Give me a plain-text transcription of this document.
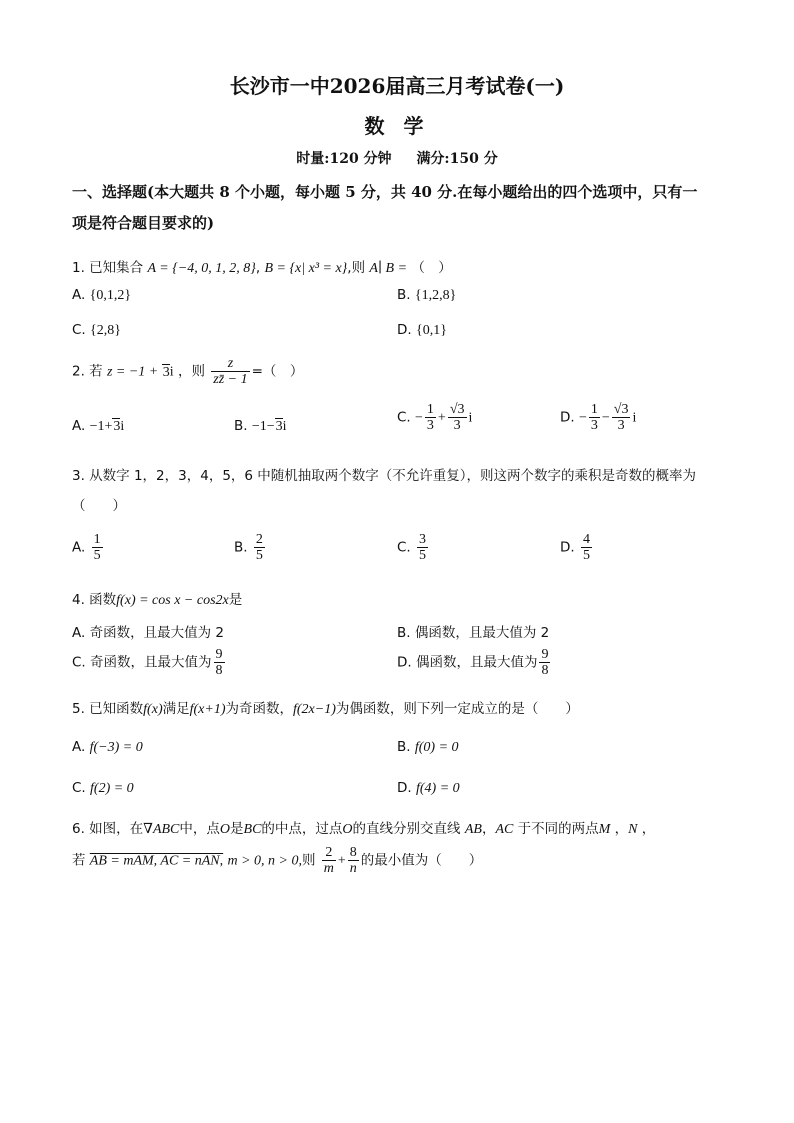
长沙市一中2026届高三月考试卷(一)
数 学
时量:120 分钟 满分:150 分
一、选择题(本大题共 8 个小题，每小题 5 分，共 40 分.在每小题给出的四个选项中，只有一
项是符合题目要求的)
1. 已知集合 A = {−4, 0, 1, 2, 8}, B = {x| x³ = x},则 A∣ B = （　）
A. {0,1,2}	B. {1,2,8}
C. {2,8}	D. {0,1}
2. 若 z = −1 + 3i ，则 $\frac{z}{zz̄ - 1}$ =（　）
A. −1+3i	B. −1−3i
C. − $\frac{1}{3} + \frac{√3}{3}$ i	D. − $\frac{1}{3} - \frac{√3}{3}$ i
3. 从数字 1，2，3，4，5，6 中随机抽取两个数字（不允许重复），则这两个数字的乘积是奇数的概率为
（　　）
A. $\frac{1}{5}$	B. $\frac{2}{5}$	C. $\frac{3}{5}$	D. $\frac{4}{5}$
4. 函数f(x) = cos x − cos2x是
A. 奇函数，且最大值为 2	B. 偶函数，且最大值为 2
C. 奇函数，且最大值为 $\frac{9}{8}$	D. 偶函数，且最大值为 $\frac{9}{8}$
5. 已知函数f(x)满足f(x+1)为奇函数，f(2x−1)为偶函数，则下列一定成立的是（　　）
A. f(−3) = 0	B. f(0) = 0
C. f(2) = 0	D. f(4) = 0
6. 如图，在∇ABC中，点O是BC的中点，过点O的直线分别交直线 AB，AC 于不同的两点M ，N ，
若 AB = mAM, AC = nAN, m > 0, n > 0,则 $\frac{2}{m} + \frac{8}{n}$ 的最小值为（　　）
